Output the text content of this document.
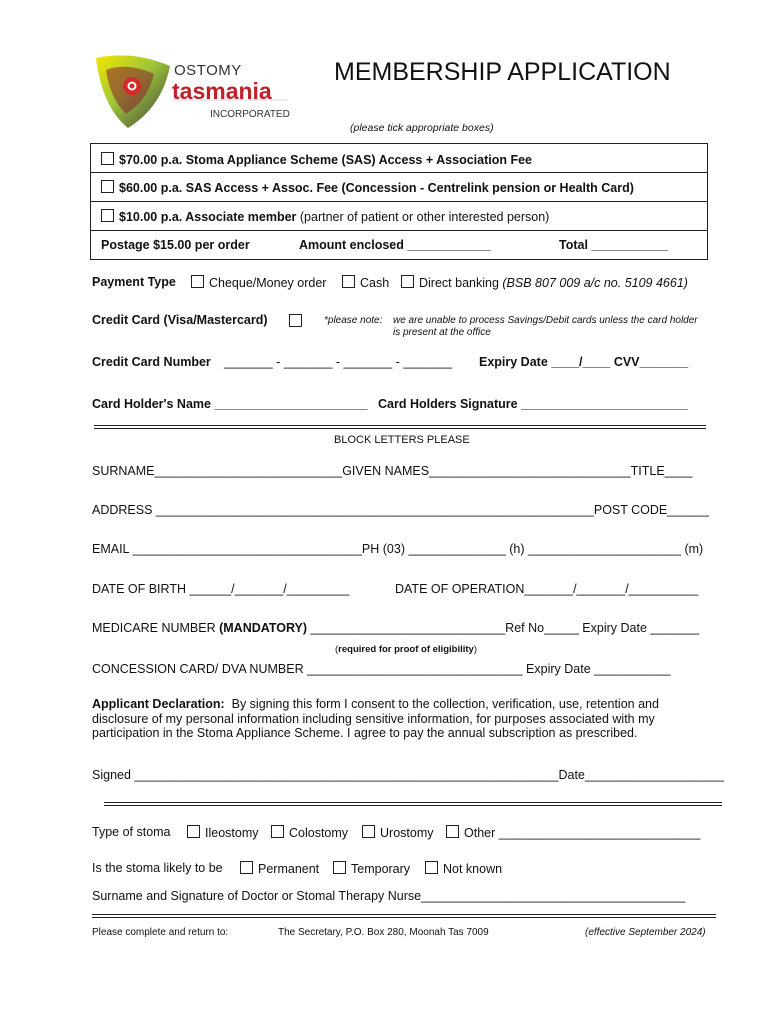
OSTOMY
tasmania
INCORPORATED
MEMBERSHIP APPLICATION
(please tick appropriate boxes)
$70.00 p.a. Stoma Appliance Scheme (SAS) Access + Association Fee
$60.00 p.a. SAS Access + Assoc. Fee (Concession - Centrelink pension or Health Card)
$10.00 p.a. Associate member (partner of patient or other interested person)
Postage $15.00 per order	Amount enclosed ____________	Total ___________
Payment Type	Cheque/Money order	Cash	Direct banking (BSB 807 009 a/c no. 5109 4661)
Credit Card (Visa/Mastercard)	*please note: we are unable to process Savings/Debit cards unless the card holder
is present at the office
Credit Card Number _______ - _______ - _______ - _______ Expiry Date ____/____ CVV_______
Card Holder's Name ______________________ Card Holders Signature ________________________
BLOCK LETTERS PLEASE
SURNAME___________________________GIVEN NAMES_____________________________TITLE____
ADDRESS _______________________________________________________________POST CODE______
EMAIL _________________________________PH (03) ______________ (h) ______________________ (m)
DATE OF BIRTH ______/_______/_________	DATE OF OPERATION_______/_______/__________
MEDICARE NUMBER (MANDATORY) ____________________________Ref No_____ Expiry Date _______
(required for proof of eligibility)
CONCESSION CARD/ DVA NUMBER _______________________________ Expiry Date ___________
Applicant Declaration: By signing this form I consent to the collection, verification, use, retention and
disclosure of my personal information including sensitive information, for purposes associated with my
participation in the Stoma Appliance Scheme. I agree to pay the annual subscription as prescribed.
Signed _____________________________________________________________Date____________________
Type of stoma	Ileostomy	Colostomy	Urostomy	Other _____________________________
Is the stoma likely to be	Permanent	Temporary	Not known
Surname and Signature of Doctor or Stomal Therapy Nurse______________________________________
Please complete and return to:	The Secretary, P.O. Box 280, Moonah Tas 7009	(effective September 2024)
